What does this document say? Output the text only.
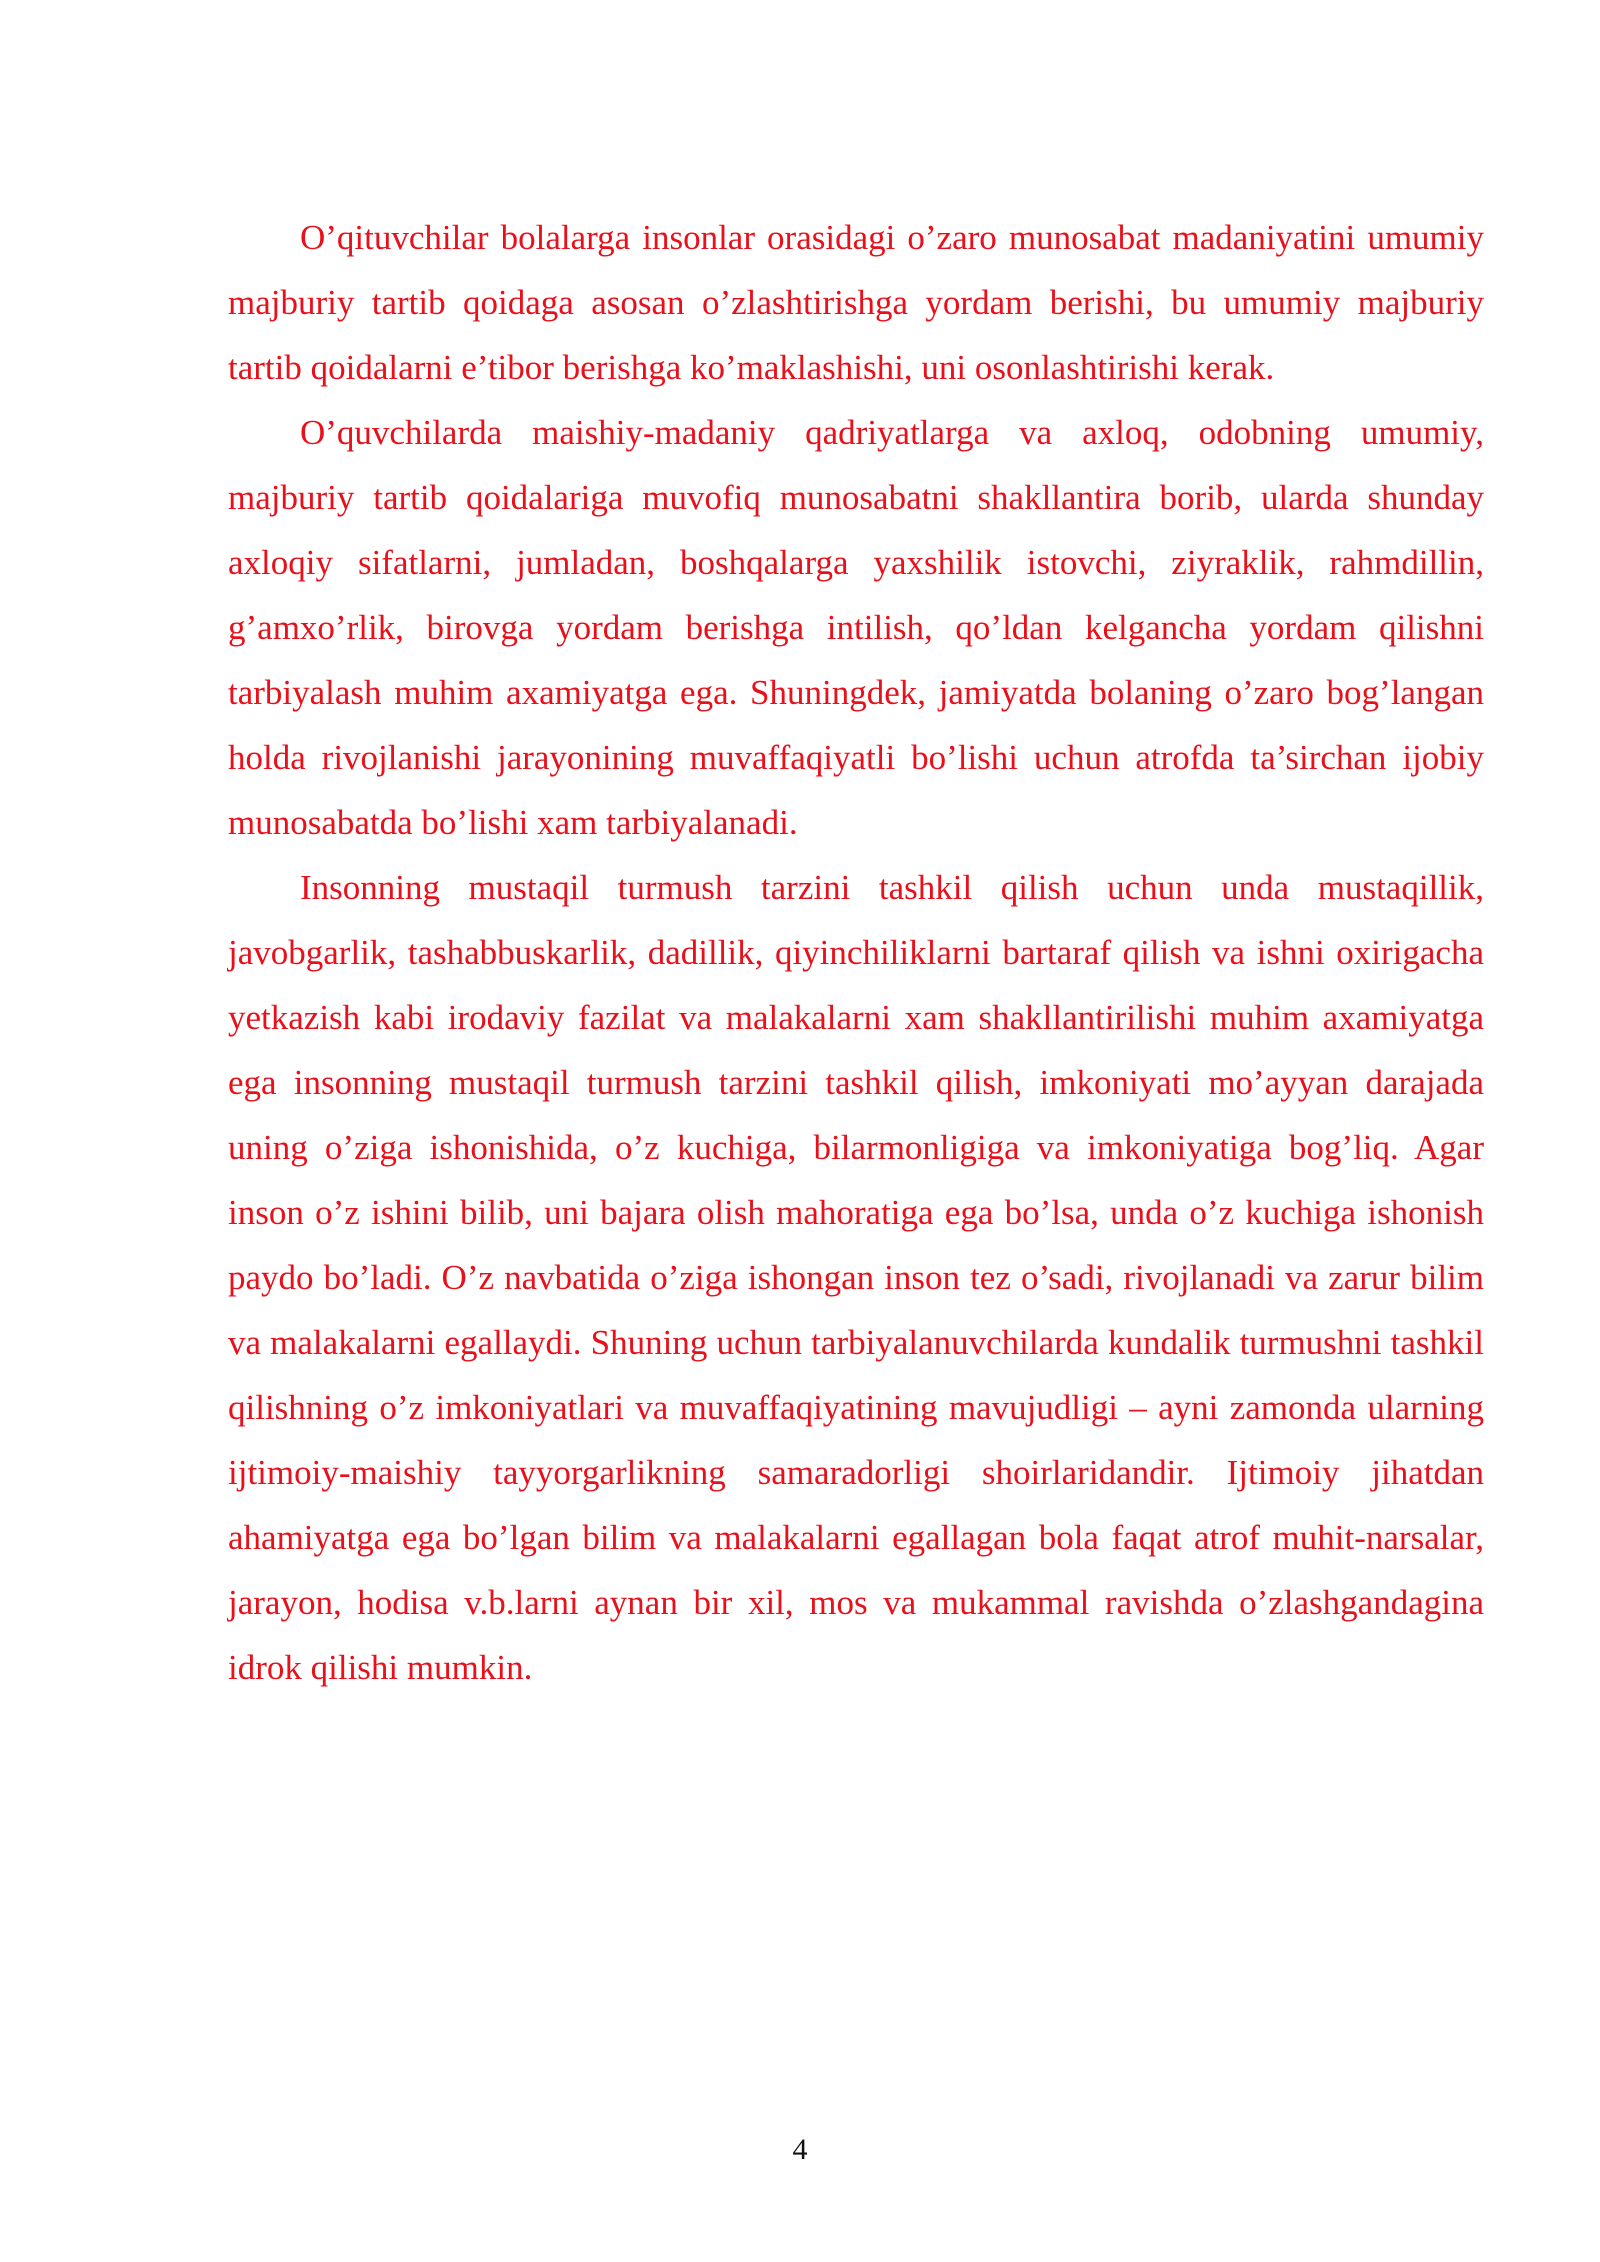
O’qituvchilar bolalarga insonlar orasidagi o’zaro munosabat madaniyatini umumiy majburiy tartib qoidaga asosan o’zlashtirishga yordam berishi, bu umumiy majburiy tartib qoidalarni e’tibor berishga ko’maklashishi, uni osonlashtirishi kerak.

O’quvchilarda maishiy-madaniy qadriyatlarga va axloq, odobning umumiy, majburiy tartib qoidalariga muvofiq munosabatni shakllantira borib, ularda shunday axloqiy sifatlarni, jumladan, boshqalarga yaxshilik istovchi, ziyraklik, rahmdillin, g’amxo’rlik, birovga yordam berishga intilish, qo’ldan kelgancha yordam qilishni tarbiyalash muhim axamiyatga ega. Shuningdek, jamiyatda bolaning o’zaro bog’langan holda rivojlanishi jarayonining muvaffaqiyatli bo’lishi uchun atrofda ta’sirchan ijobiy munosabatda bo’lishi xam tarbiyalanadi.

Insonning mustaqil turmush tarzini tashkil qilish uchun unda mustaqillik, javobgarlik, tashabbuskarlik, dadillik, qiyinchiliklarni bartaraf qilish va ishni oxirigacha yetkazish kabi irodaviy fazilat va malakalarni xam shakllantirilishi muhim axamiyatga ega insonning mustaqil turmush tarzini tashkil qilish, imkoniyati mo’ayyan darajada uning o’ziga ishonishida, o’z kuchiga, bilarmonligiga va imkoniyatiga bog’liq. Agar inson o’z ishini bilib, uni bajara olish mahoratiga ega bo’lsa, unda o’z kuchiga ishonish paydo bo’ladi. O’z navbatida o’ziga ishongan inson tez o’sadi, rivojlanadi va zarur bilim va malakalarni egallaydi. Shuning uchun tarbiyalanuvchilarda kundalik turmushni tashkil qilishning o’z imkoniyatlari va muvaffaqiyatining mavujudligi – ayni zamonda ularning ijtimoiy-maishiy tayyorgarlikning samaradorligi shoirlaridandir. Ijtimoiy jihatdan ahamiyatga ega bo’lgan bilim va malakalarni egallagan bola faqat atrof muhit-narsalar, jarayon, hodisa v.b.larni aynan bir xil, mos va mukammal ravishda o’zlashgandagina idrok qilishi mumkin.

4
